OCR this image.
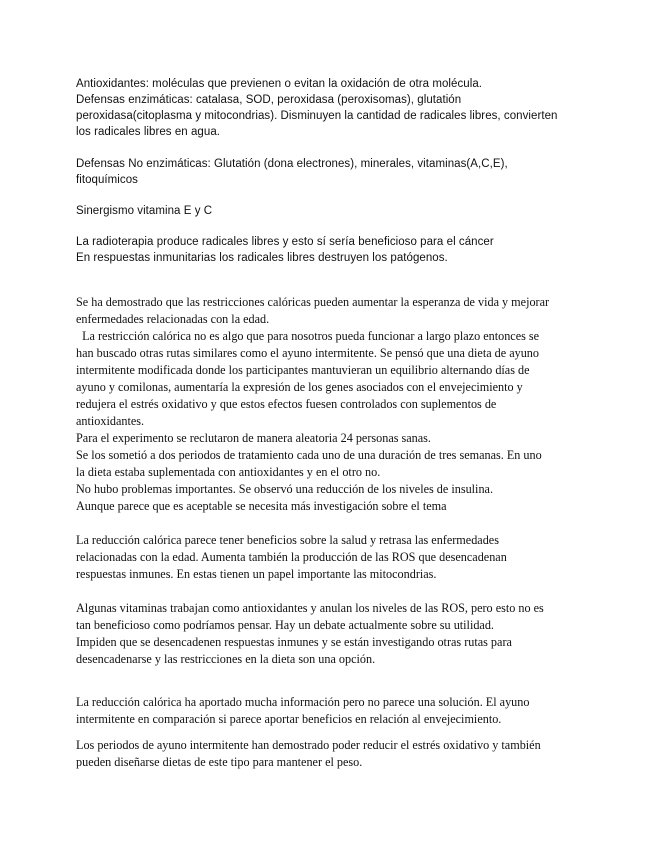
Antioxidantes: moléculas que previenen o evitan la oxidación de otra molécula.
Defensas enzimáticas: catalasa, SOD, peroxidasa (peroxisomas), glutatión
peroxidasa(citoplasma y mitocondrias). Disminuyen la cantidad de radicales libres, convierten
los radicales libres en agua.
Defensas No enzimáticas: Glutatión (dona electrones), minerales, vitaminas(A,C,E),
fitoquímicos
Sinergismo vitamina E y C
La radioterapia produce radicales libres y esto sí sería beneficioso para el cáncer
En respuestas inmunitarias los radicales libres destruyen los patógenos.
Se ha demostrado que las restricciones calóricas pueden aumentar la esperanza de vida y mejorar
enfermedades relacionadas con la edad.
La restricción calórica no es algo que para nosotros pueda funcionar a largo plazo entonces se
han buscado otras rutas similares como el ayuno intermitente. Se pensó que una dieta de ayuno
intermitente modificada donde los participantes mantuvieran un equilibrio alternando días de
ayuno y comilonas, aumentaría la expresión de los genes asociados con el envejecimiento y
redujera el estrés oxidativo y que estos efectos fuesen controlados con suplementos de
antioxidantes.
Para el experimento se reclutaron de manera aleatoria 24 personas sanas.
Se los sometió a dos periodos de tratamiento cada uno de una duración de tres semanas. En uno
la dieta estaba suplementada con antioxidantes y en el otro no.
No hubo problemas importantes. Se observó una reducción de los niveles de insulina.
Aunque parece que es aceptable se necesita más investigación sobre el tema
La reducción calórica parece tener beneficios sobre la salud y retrasa las enfermedades
relacionadas con la edad. Aumenta también la producción de las ROS que desencadenan
respuestas inmunes. En estas tienen un papel importante las mitocondrias.
Algunas vitaminas trabajan como antioxidantes y anulan los niveles de las ROS, pero esto no es
tan beneficioso como podríamos pensar. Hay un debate actualmente sobre su utilidad.
Impiden que se desencadenen respuestas inmunes y se están investigando otras rutas para
desencadenarse y las restricciones en la dieta son una opción.
La reducción calórica ha aportado mucha información pero no parece una solución. El ayuno
intermitente en comparación si parece aportar beneficios en relación al envejecimiento.
Los periodos de ayuno intermitente han demostrado poder reducir el estrés oxidativo y también
pueden diseñarse dietas de este tipo para mantener el peso.
